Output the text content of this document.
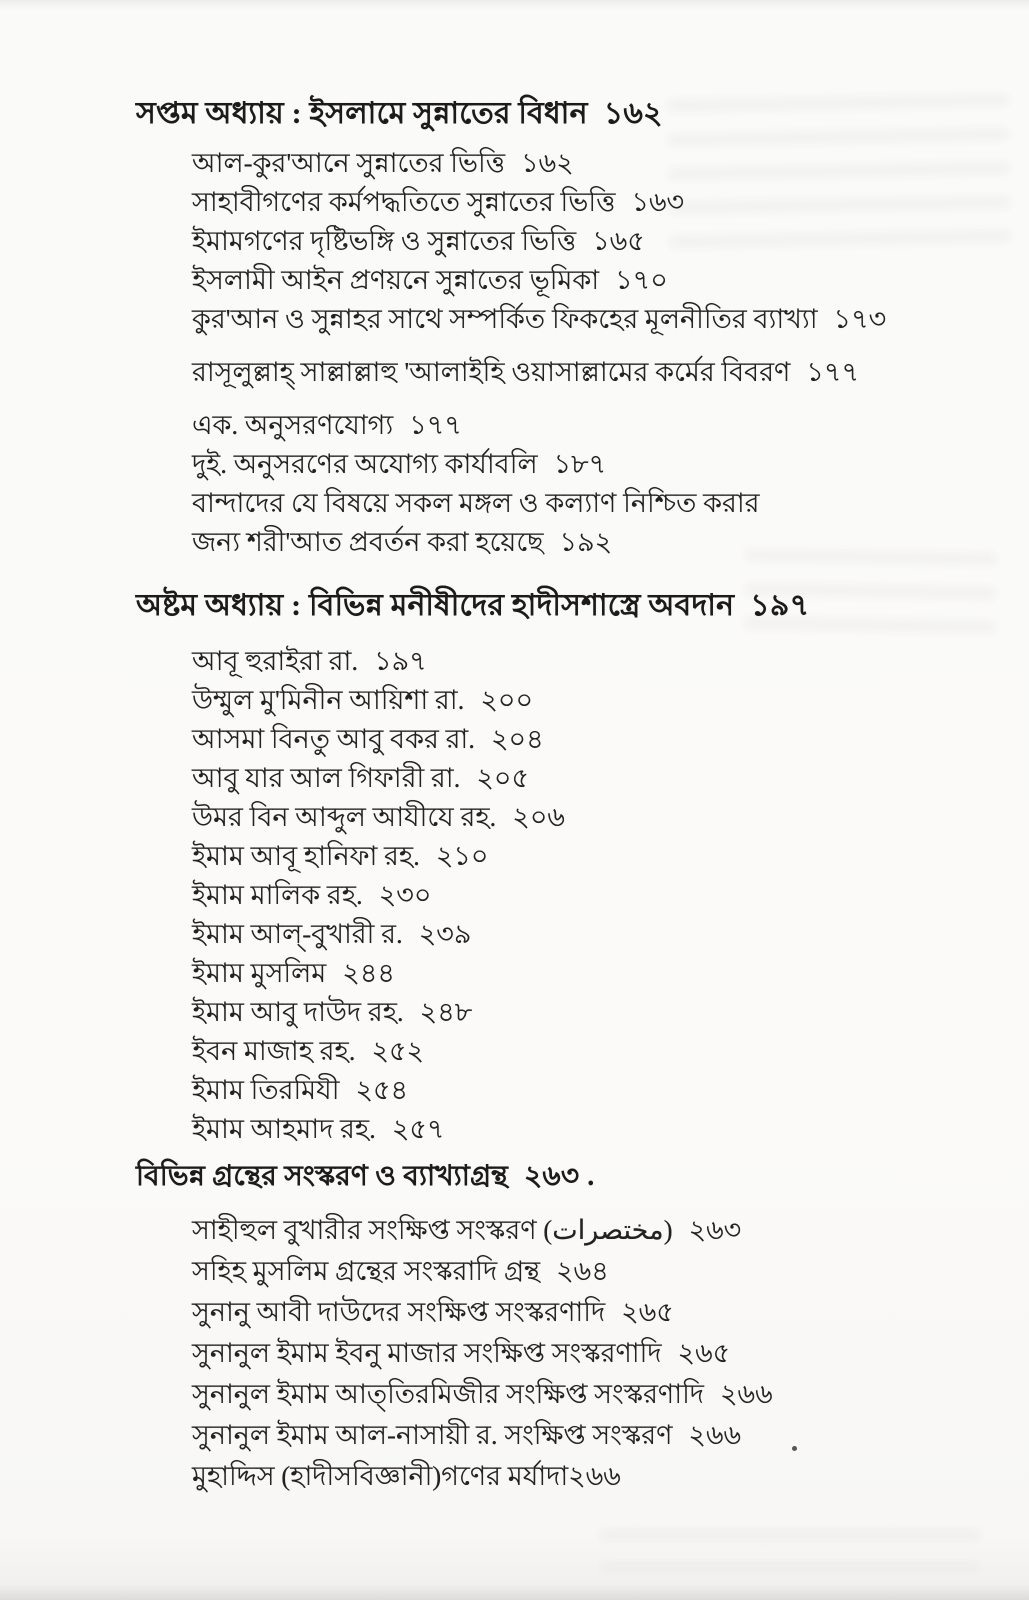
সপ্তম অধ্যায় : ইসলামে সুন্নাতের বিধান ১৬২
আল-কুর'আনে সুন্নাতের ভিত্তি ১৬২
সাহাবীগণের কর্মপদ্ধতিতে সুন্নাতের ভিত্তি ১৬৩
ইমামগণের দৃষ্টিভঙ্গি ও সুন্নাতের ভিত্তি ১৬৫
ইসলামী আইন প্রণয়নে সুন্নাতের ভূমিকা ১৭০
কুর'আন ও সুন্নাহর সাথে সম্পর্কিত ফিকহের মূলনীতির ব্যাখ্যা ১৭৩
রাসূলুল্লাহ্ সাল্লাল্লাহু 'আলাইহি ওয়াসাল্লামের কর্মের বিবরণ ১৭৭
এক. অনুসরণযোগ্য ১৭৭
দুই. অনুসরণের অযোগ্য কার্যাবলি ১৮৭
বান্দাদের যে বিষয়ে সকল মঙ্গল ও কল্যাণ নিশ্চিত করার
জন্য শরী'আত প্রবর্তন করা হয়েছে ১৯২
অষ্টম অধ্যায় : বিভিন্ন মনীষীদের হাদীসশাস্ত্রে অবদান ১৯৭
আবূ হুরাইরা রা. ১৯৭
উম্মুল মু'মিনীন আয়িশা রা. ২০০
আসমা বিনতু আবু বকর রা. ২০৪
আবু যার আল গিফারী রা. ২০৫
উমর বিন আব্দুল আযীযে রহ. ২০৬
ইমাম আবূ হানিফা রহ. ২১০
ইমাম মালিক রহ. ২৩০
ইমাম আল্-বুখারী র. ২৩৯
ইমাম মুসলিম ২৪৪
ইমাম আবু দাউদ রহ. ২৪৮
ইবন মাজাহ রহ. ২৫২
ইমাম তিরমিযী ২৫৪
ইমাম আহমাদ রহ. ২৫৭
বিভিন্ন গ্রন্থের সংস্করণ ও ব্যাখ্যাগ্রন্থ ২৬৩ .
সাহীহুল বুখারীর সংক্ষিপ্ত সংস্করণ (مختصرات) ২৬৩
সহিহ মুসলিম গ্রন্থের সংস্করাদি গ্রন্থ ২৬৪
সুনানু আবী দাউদের সংক্ষিপ্ত সংস্করণাদি ২৬৫
সুনানুল ইমাম ইবনু মাজার সংক্ষিপ্ত সংস্করণাদি ২৬৫
সুনানুল ইমাম আত্‌তিরমিজীর সংক্ষিপ্ত সংস্করণাদি ২৬৬
সুনানুল ইমাম আল-নাসায়ী র. সংক্ষিপ্ত সংস্করণ ২৬৬
মুহাদ্দিস (হাদীসবিজ্ঞানী)গণের মর্যাদা২৬৬
